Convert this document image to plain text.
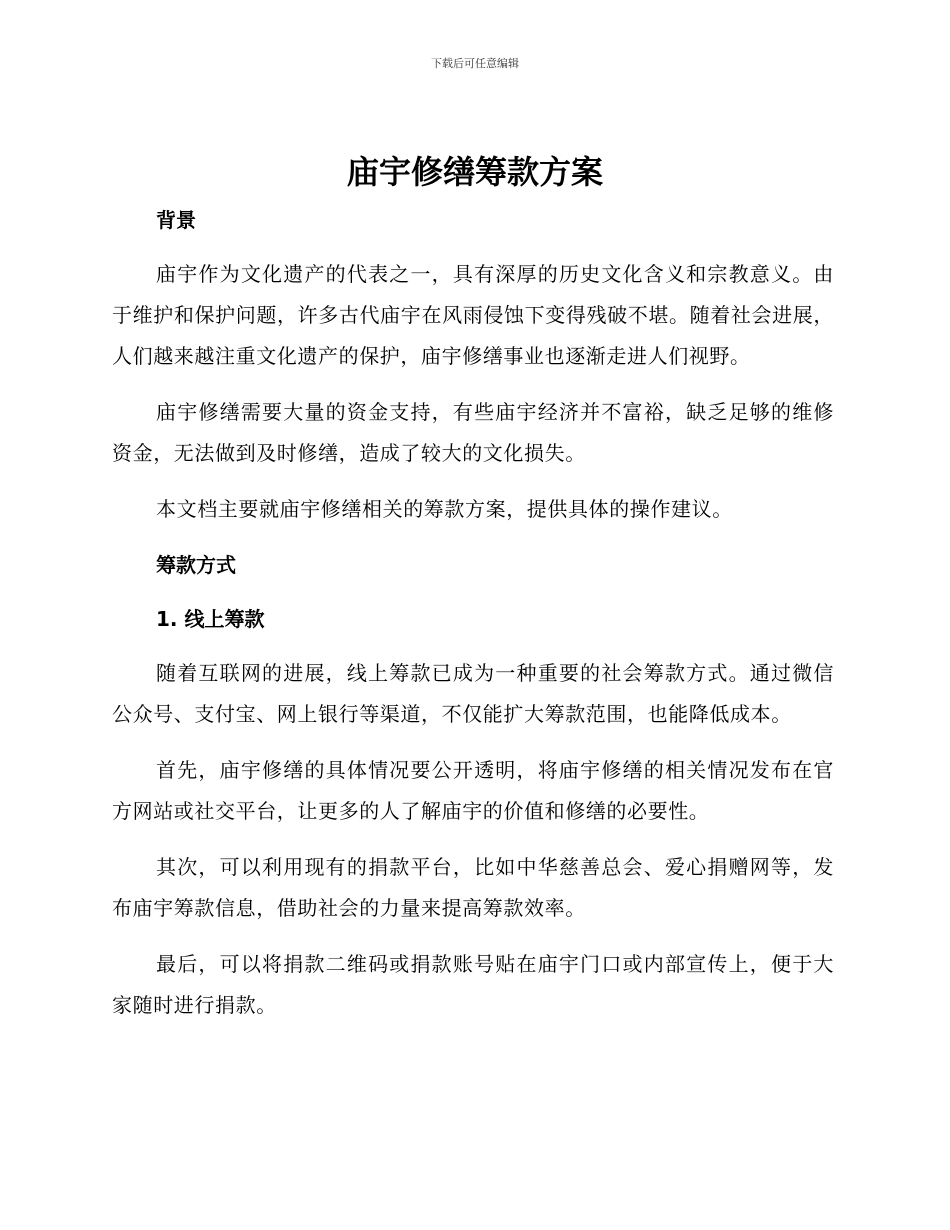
下载后可任意编辑
庙宇修缮筹款方案
背景

庙宇作为文化遗产的代表之一，具有深厚的历史文化含义和宗教意义。由于维护和保护问题，许多古代庙宇在风雨侵蚀下变得残破不堪。随着社会进展，人们越来越注重文化遗产的保护，庙宇修缮事业也逐渐走进人们视野。

庙宇修缮需要大量的资金支持，有些庙宇经济并不富裕，缺乏足够的维修资金，无法做到及时修缮，造成了较大的文化损失。

本文档主要就庙宇修缮相关的筹款方案，提供具体的操作建议。

筹款方式
1. 线上筹款

随着互联网的进展，线上筹款已成为一种重要的社会筹款方式。通过微信公众号、支付宝、网上银行等渠道，不仅能扩大筹款范围，也能降低成本。

首先，庙宇修缮的具体情况要公开透明，将庙宇修缮的相关情况发布在官方网站或社交平台，让更多的人了解庙宇的价值和修缮的必要性。

其次，可以利用现有的捐款平台，比如中华慈善总会、爱心捐赠网等，发布庙宇筹款信息，借助社会的力量来提高筹款效率。

最后，可以将捐款二维码或捐款账号贴在庙宇门口或内部宣传上，便于大家随时进行捐款。
